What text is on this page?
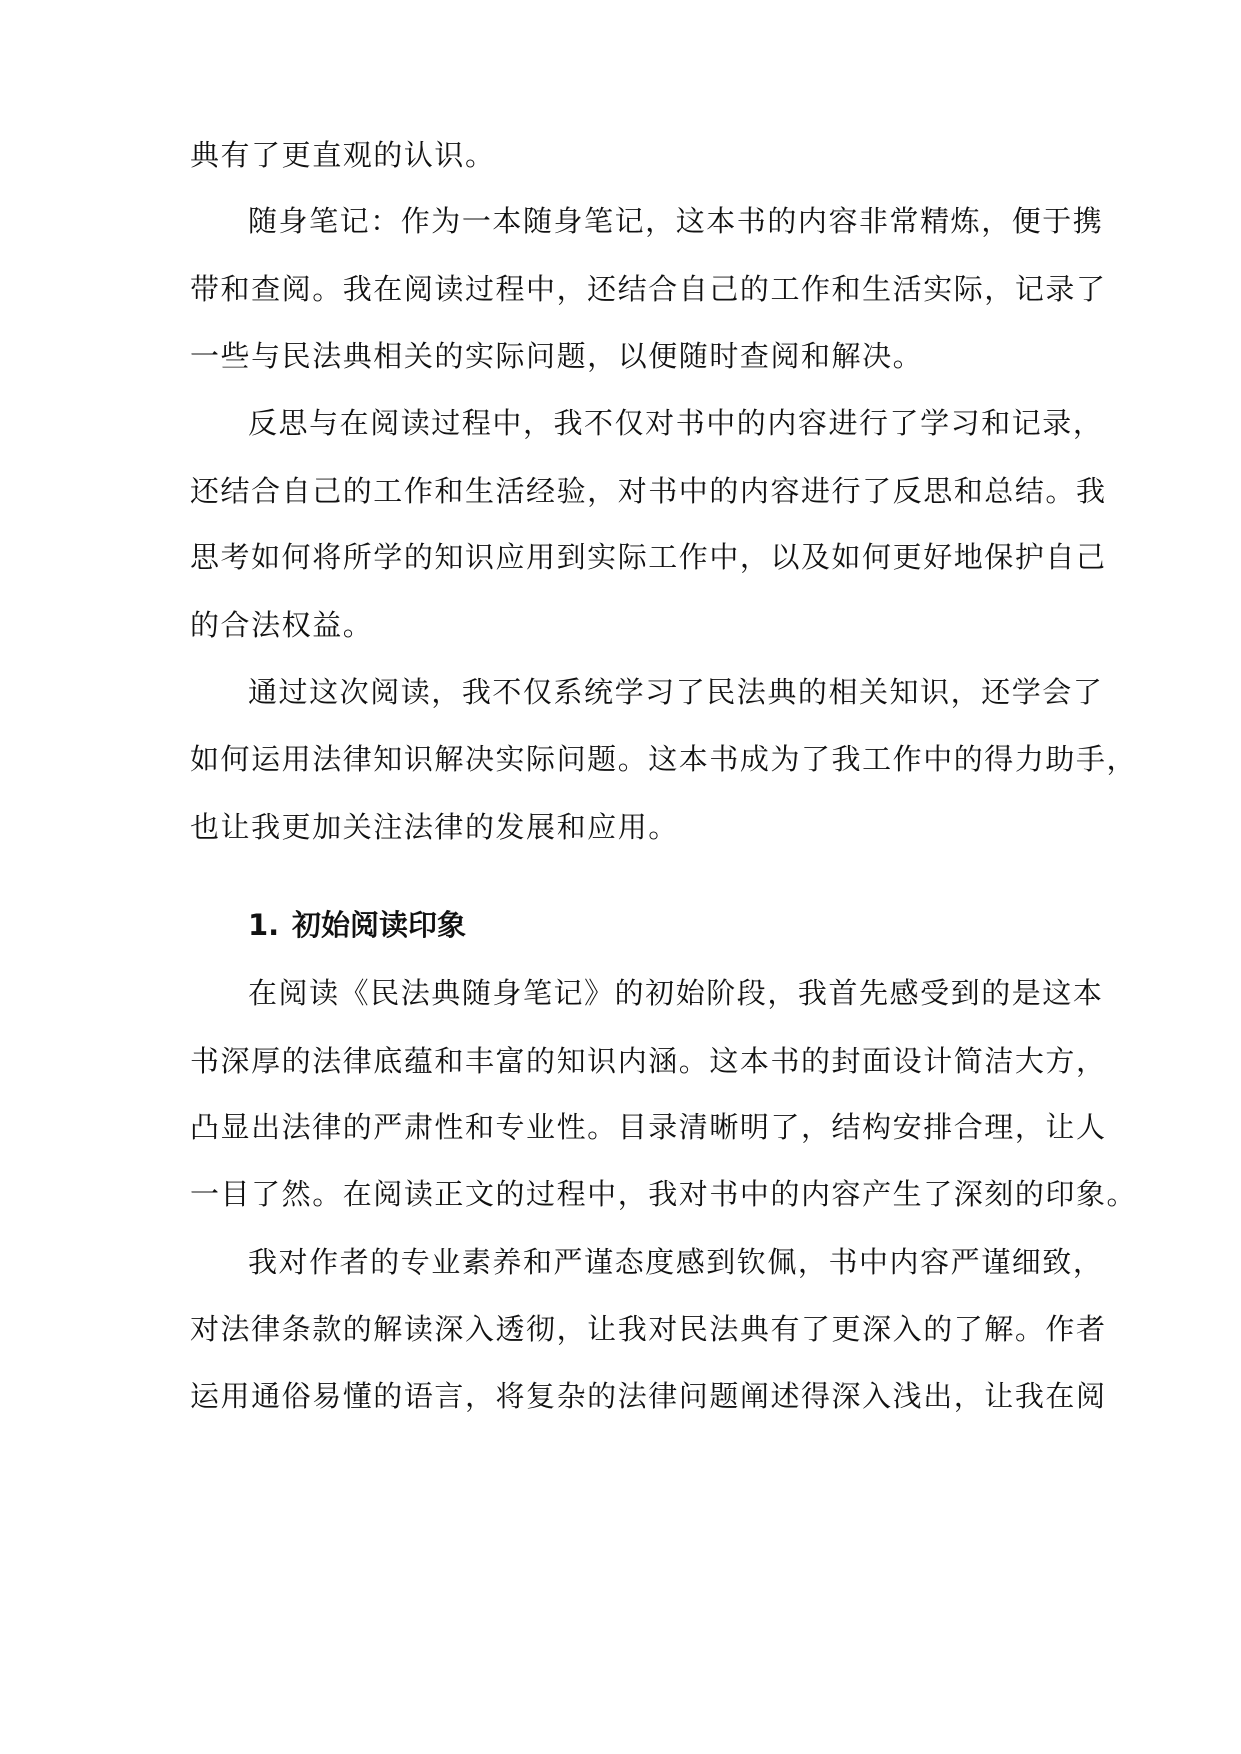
典有了更直观的认识。
随身笔记：作为一本随身笔记，这本书的内容非常精炼，便于携
带和查阅。我在阅读过程中，还结合自己的工作和生活实际，记录了
一些与民法典相关的实际问题，以便随时查阅和解决。
反思与在阅读过程中，我不仅对书中的内容进行了学习和记录，
还结合自己的工作和生活经验，对书中的内容进行了反思和总结。我
思考如何将所学的知识应用到实际工作中，以及如何更好地保护自己
的合法权益。
通过这次阅读，我不仅系统学习了民法典的相关知识，还学会了
如何运用法律知识解决实际问题。这本书成为了我工作中的得力助手，
也让我更加关注法律的发展和应用。
1. 初始阅读印象
在阅读《民法典随身笔记》的初始阶段，我首先感受到的是这本
书深厚的法律底蕴和丰富的知识内涵。这本书的封面设计简洁大方，
凸显出法律的严肃性和专业性。目录清晰明了，结构安排合理，让人
一目了然。在阅读正文的过程中，我对书中的内容产生了深刻的印象。
我对作者的专业素养和严谨态度感到钦佩，书中内容严谨细致，
对法律条款的解读深入透彻，让我对民法典有了更深入的了解。作者
运用通俗易懂的语言，将复杂的法律问题阐述得深入浅出，让我在阅
